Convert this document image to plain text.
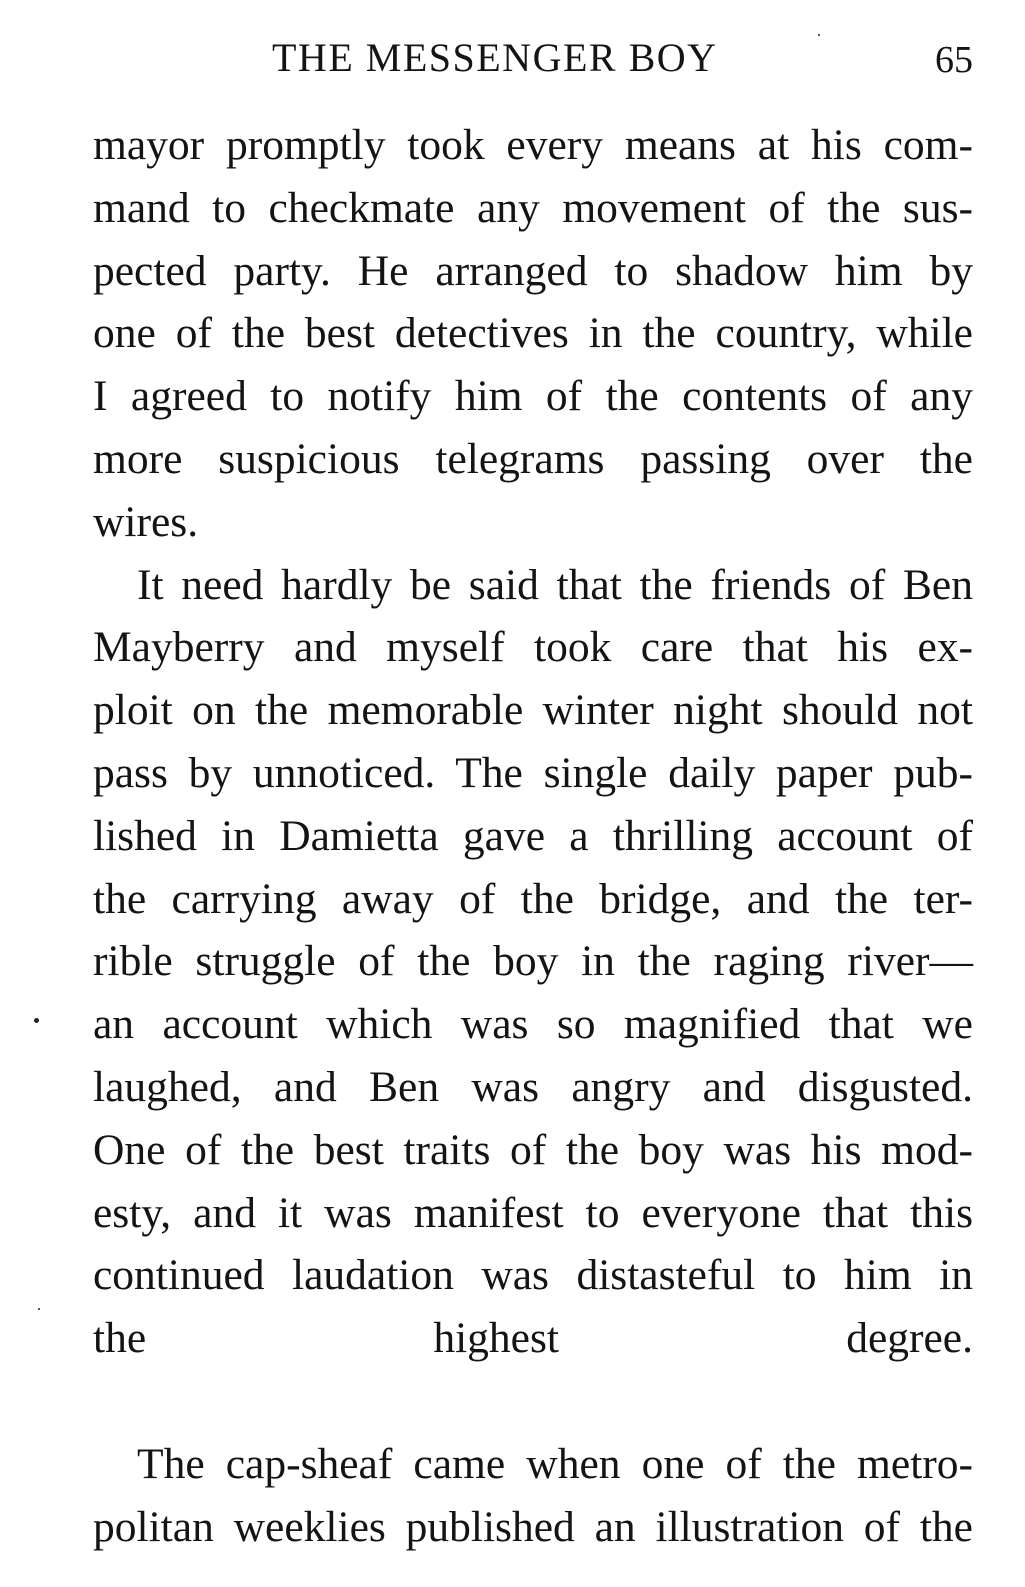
THE MESSENGER BOY	65
mayor promptly took every means at his com-
mand to checkmate any movement of the sus-
pected party. He arranged to shadow him by
one of the best detectives in the country, while
I agreed to notify him of the contents of any
more suspicious telegrams passing over the
wires.
It need hardly be said that the friends of Ben
Mayberry and myself took care that his ex-
ploit on the memorable winter night should not
pass by unnoticed. The single daily paper pub-
lished in Damietta gave a thrilling account of
the carrying away of the bridge, and the ter-
rible struggle of the boy in the raging river—
an account which was so magnified that we
laughed, and Ben was angry and disgusted.
One of the best traits of the boy was his mod-
esty, and it was manifest to everyone that this
continued laudation was distasteful to him in
the highest degree.
The cap-sheaf came when one of the metro-
politan weeklies published an illustration of the
